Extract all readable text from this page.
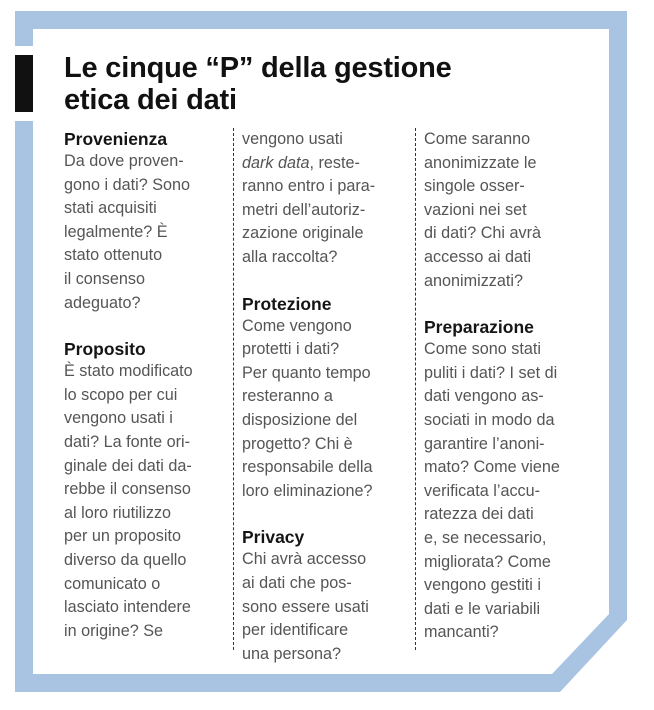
Le cinque “P” della gestione
etica dei dati

Provenienza

Da dove proven-
gono i dati? Sono
stati acquisiti
legalmente? È
stato ottenuto
il consenso
adeguato?

Proposito

È stato modificato
lo scopo per cui
vengono usati i
dati? La fonte ori-
ginale dei dati da-
rebbe il consenso
al loro riutilizzo
per un proposito
diverso da quello
comunicato o
lasciato intendere
in origine? Se

vengono usati
dark data, reste-
ranno entro i para-
metri dell’autoriz-
zazione originale
alla raccolta?

Protezione

Come vengono
protetti i dati?
Per quanto tempo
resteranno a
disposizione del
progetto? Chi è
responsabile della
loro eliminazione?

Privacy

Chi avrà accesso
ai dati che pos-
sono essere usati
per identificare
una persona?

Come saranno
anonimizzate le
singole osser-
vazioni nei set
di dati? Chi avrà
accesso ai dati
anonimizzati?

Preparazione

Come sono stati
puliti i dati? I set di
dati vengono as-
sociati in modo da
garantire l’anoni-
mato? Come viene
verificata l’accu-
ratezza dei dati
e, se necessario,
migliorata? Come
vengono gestiti i
dati e le variabili
mancanti?
